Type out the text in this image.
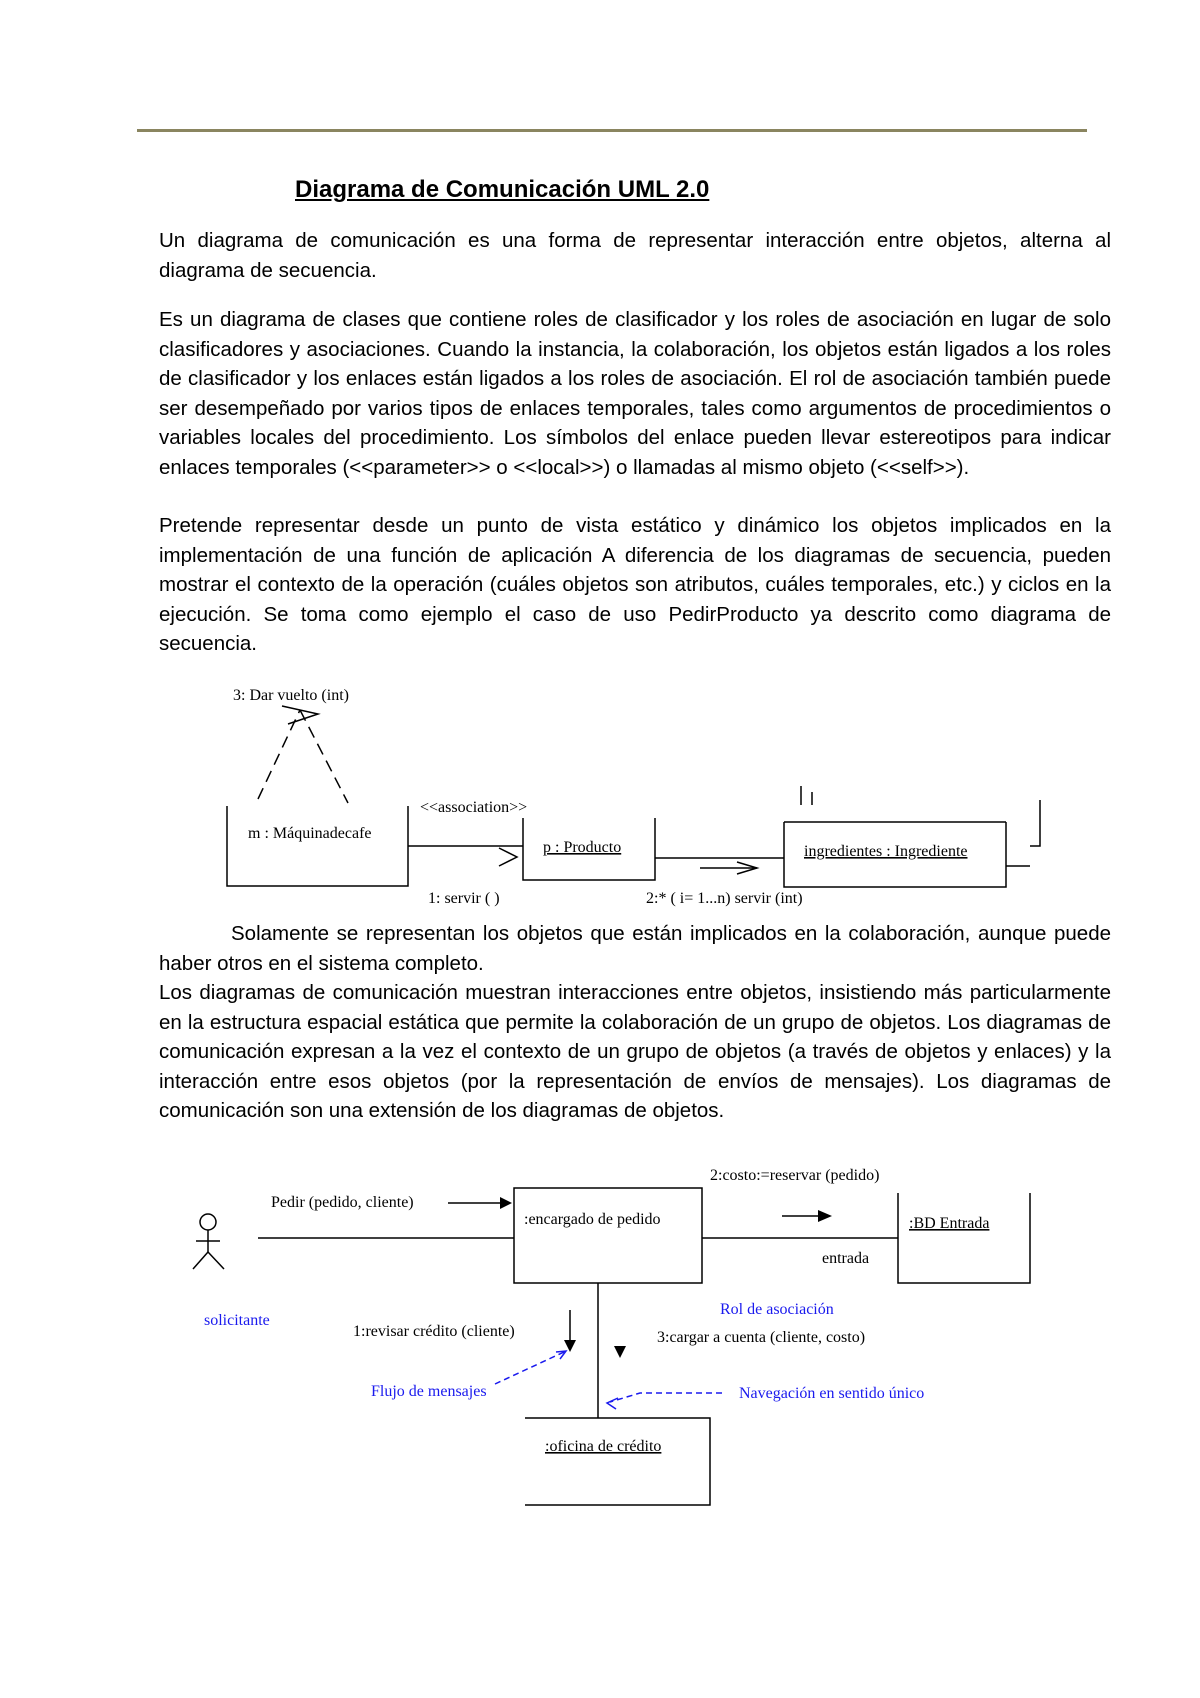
Diagrama de Comunicación UML 2.0

Un diagrama de comunicación es una forma de representar interacción entre objetos, alterna al diagrama de secuencia.

Es un diagrama de clases que contiene roles de clasificador y los roles de asociación en lugar de solo clasificadores y asociaciones. Cuando la instancia, la colaboración, los objetos están ligados a los roles de clasificador y los enlaces están ligados a los roles de asociación. El rol de asociación también puede ser desempeñado por varios tipos de enlaces temporales, tales como argumentos de procedimientos o variables locales del procedimiento. Los símbolos del enlace pueden llevar estereotipos para indicar enlaces temporales (<<parameter>> o <<local>>) o llamadas al mismo objeto (<<self>>).

Pretende representar desde un punto de vista estático y dinámico los objetos implicados en la implementación de una función de aplicación A diferencia de los diagramas de secuencia, pueden mostrar el contexto de la operación (cuáles objetos son atributos, cuáles temporales, etc.) y ciclos en la ejecución. Se toma como ejemplo el caso de uso PedirProducto ya descrito como diagrama de secuencia.

Solamente se representan los objetos que están implicados en la colaboración, aunque puede haber otros en el sistema completo.

Los diagramas de comunicación muestran interacciones entre objetos, insistiendo más particularmente en la estructura espacial estática que permite la colaboración de un grupo de objetos. Los diagramas de comunicación expresan a la vez el contexto de un grupo de objetos (a través de objetos y enlaces) y la interacción entre esos objetos (por la representación de envíos de mensajes). Los diagramas de comunicación son una extensión de los diagramas de objetos.

3: Dar vuelto (int)
m : Máquinadecafe
<<association>>
p : Producto	ingredientes : Ingrediente
1: servir ( )	2:* ( i= 1...n) servir (int)
Pedir (pedido, cliente)
:encargado de pedido
2:costo:=reservar (pedido)
:BD Entrada
entrada
solicitante
1:revisar crédito (cliente)	3:cargar a cuenta (cliente, costo)
Rol de asociación
Flujo de mensajes	Navegación en sentido único
:oficina de crédito
